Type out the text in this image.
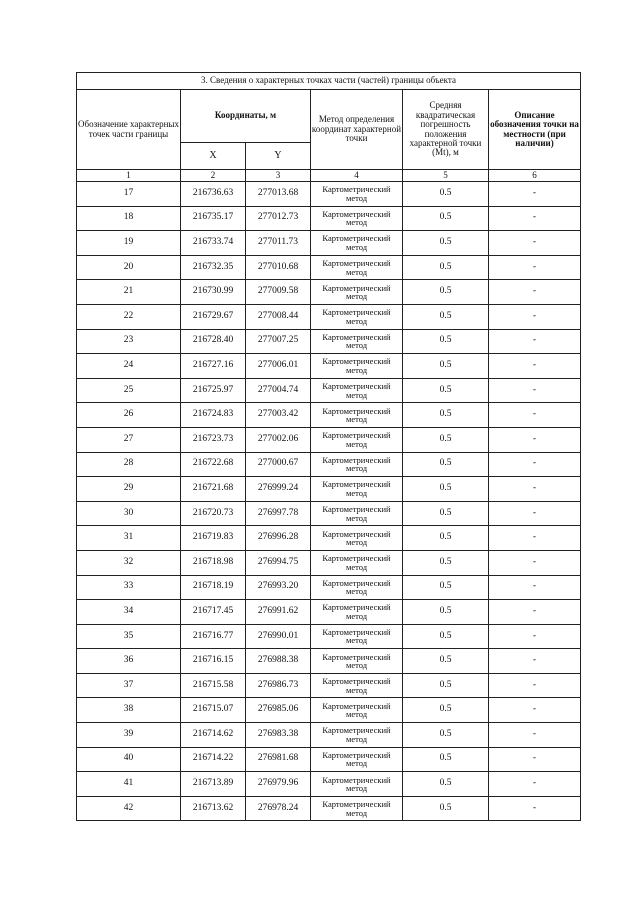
3. Сведения о характерных точках части (частей) границы объекта					
Обозначение характерных точек части границы	Координаты, м		Метод определения координат характерной точки	Средняя квадратическая погрешность положения характерной точки (Mt), м	Описание обозначения точки на местности (при наличии)
	X	Y			
1	2	3	4	5	6
17	216736.63	277013.68	Картометрический метод	0.5	-
18	216735.17	277012.73	Картометрический метод	0.5	-
19	216733.74	277011.73	Картометрический метод	0.5	-
20	216732.35	277010.68	Картометрический метод	0.5	-
21	216730.99	277009.58	Картометрический метод	0.5	-
22	216729.67	277008.44	Картометрический метод	0.5	-
23	216728.40	277007.25	Картометрический метод	0.5	-
24	216727.16	277006.01	Картометрический метод	0.5	-
25	216725.97	277004.74	Картометрический метод	0.5	-
26	216724.83	277003.42	Картометрический метод	0.5	-
27	216723.73	277002.06	Картометрический метод	0.5	-
28	216722.68	277000.67	Картометрический метод	0.5	-
29	216721.68	276999.24	Картометрический метод	0.5	-
30	216720.73	276997.78	Картометрический метод	0.5	-
31	216719.83	276996.28	Картометрический метод	0.5	-
32	216718.98	276994.75	Картометрический метод	0.5	-
33	216718.19	276993.20	Картометрический метод	0.5	-
34	216717.45	276991.62	Картометрический метод	0.5	-
35	216716.77	276990.01	Картометрический метод	0.5	-
36	216716.15	276988.38	Картометрический метод	0.5	-
37	216715.58	276986.73	Картометрический метод	0.5	-
38	216715.07	276985.06	Картометрический метод	0.5	-
39	216714.62	276983.38	Картометрический метод	0.5	-
40	216714.22	276981.68	Картометрический метод	0.5	-
41	216713.89	276979.96	Картометрический метод	0.5	-
42	216713.62	276978.24	Картометрический метод	0.5	-
